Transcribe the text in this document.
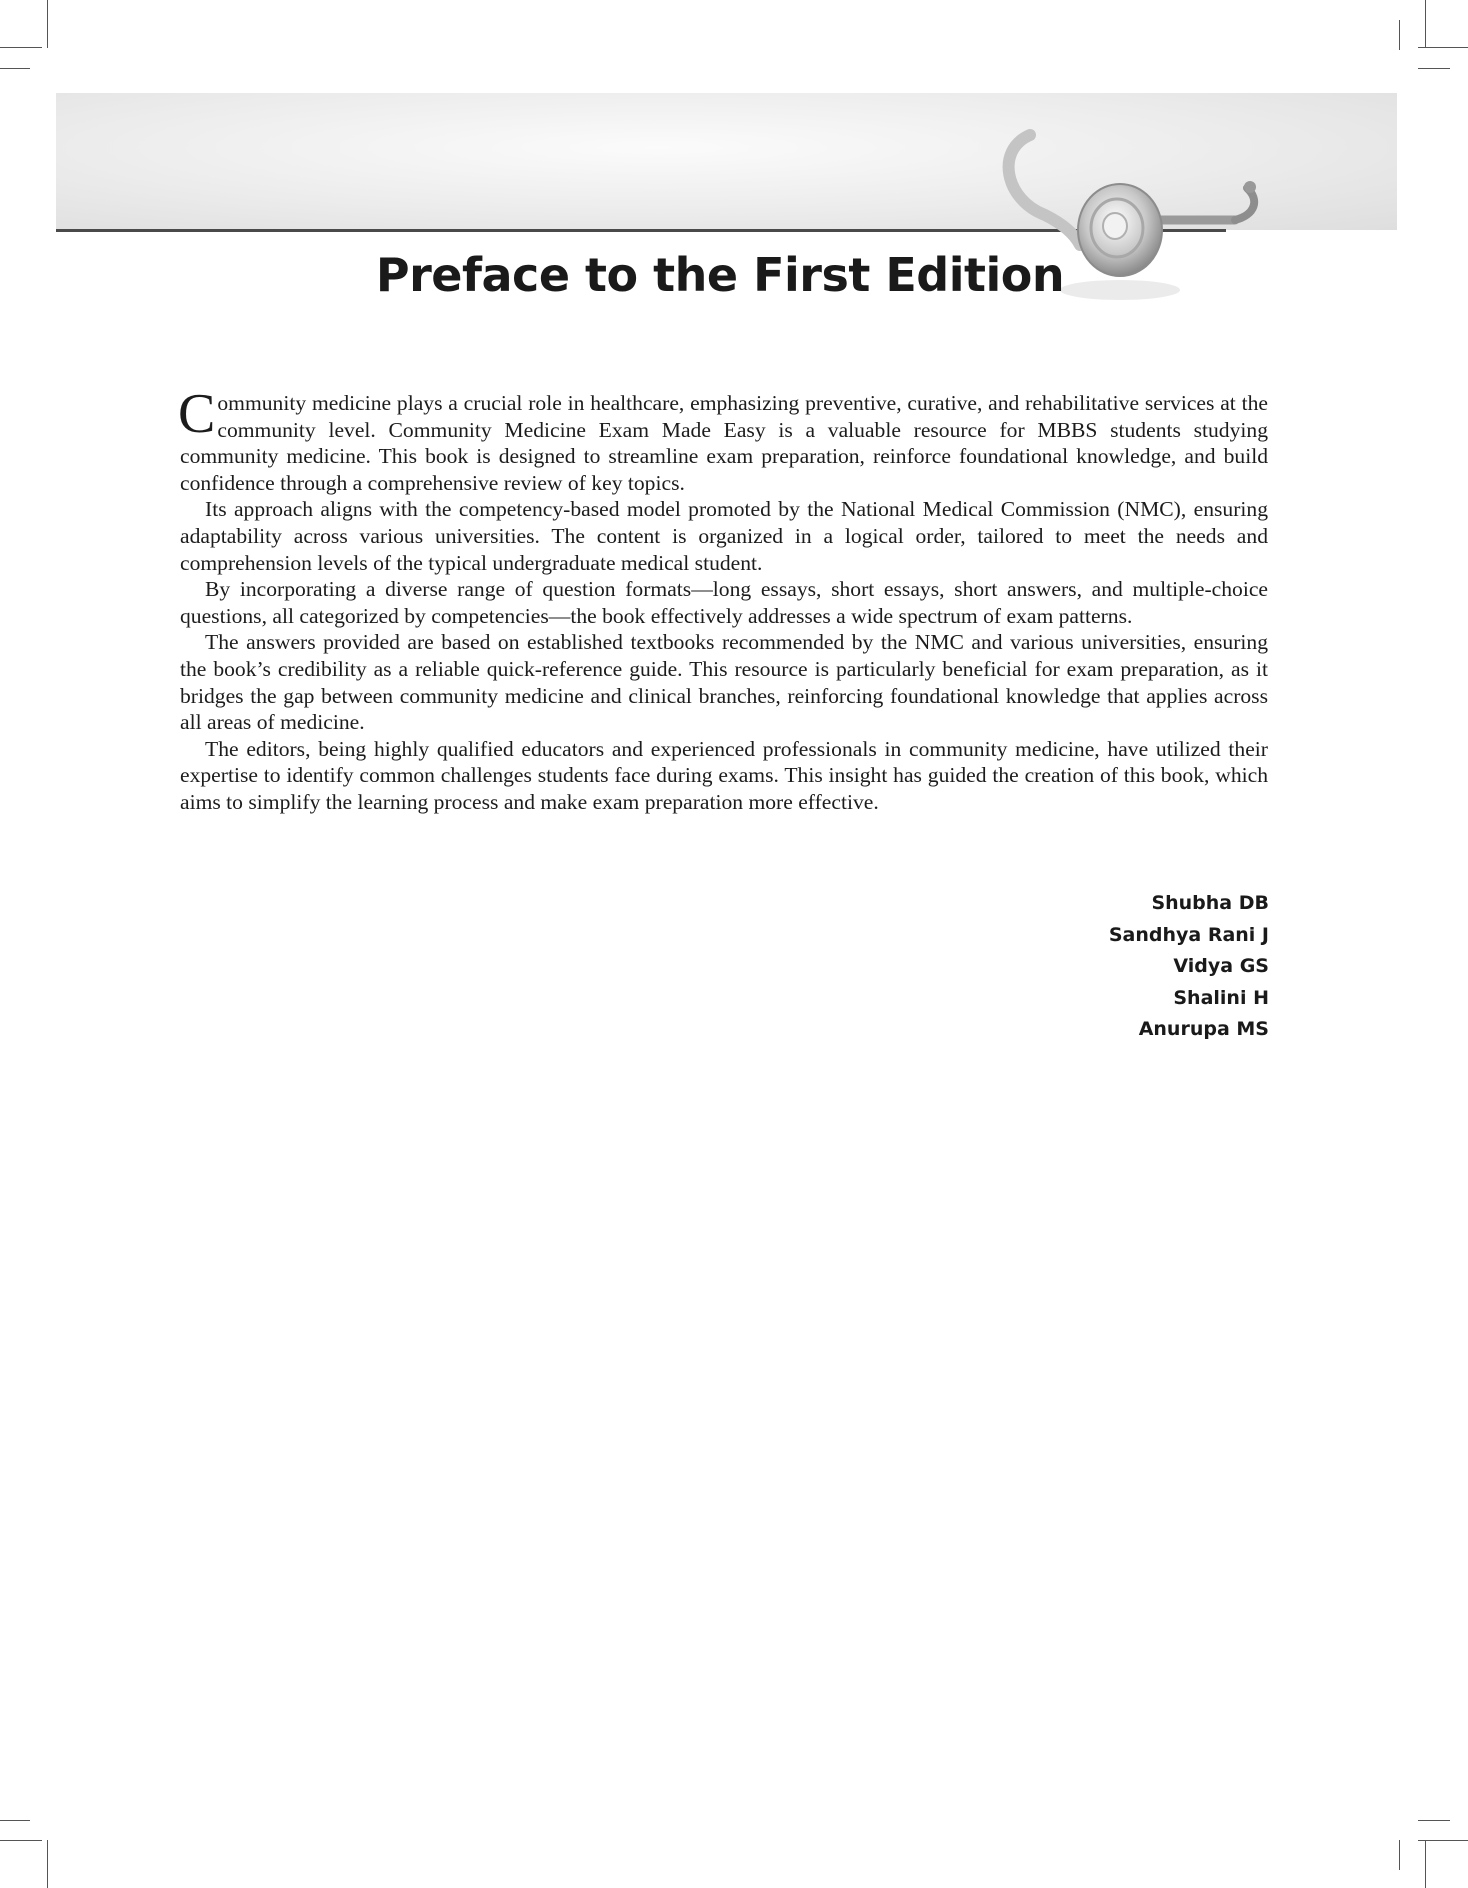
Preface to the First Edition

Community medicine plays a crucial role in healthcare, emphasizing preventive, curative, and rehabilitative services at the community level. Community Medicine Exam Made Easy is a valuable resource for MBBS students studying community medicine. This book is designed to streamline exam preparation, reinforce foundational knowledge, and build confidence through a comprehensive review of key topics.

Its approach aligns with the competency-based model promoted by the National Medical Commission (NMC), ensuring adaptability across various universities. The content is organized in a logical order, tailored to meet the needs and comprehension levels of the typical undergraduate medical student.

By incorporating a diverse range of question formats—long essays, short essays, short answers, and multiple-choice questions, all categorized by competencies—the book effectively addresses a wide spectrum of exam patterns.

The answers provided are based on established textbooks recommended by the NMC and various universities, ensuring the book’s credibility as a reliable quick-reference guide. This resource is particularly beneficial for exam preparation, as it bridges the gap between community medicine and clinical branches, reinforcing foundational knowledge that applies across all areas of medicine.

The editors, being highly qualified educators and experienced professionals in community medicine, have utilized their expertise to identify common challenges students face during exams. This insight has guided the creation of this book, which aims to simplify the learning process and make exam preparation more effective.

Shubha DB
Sandhya Rani J
Vidya GS
Shalini H
Anurupa MS
